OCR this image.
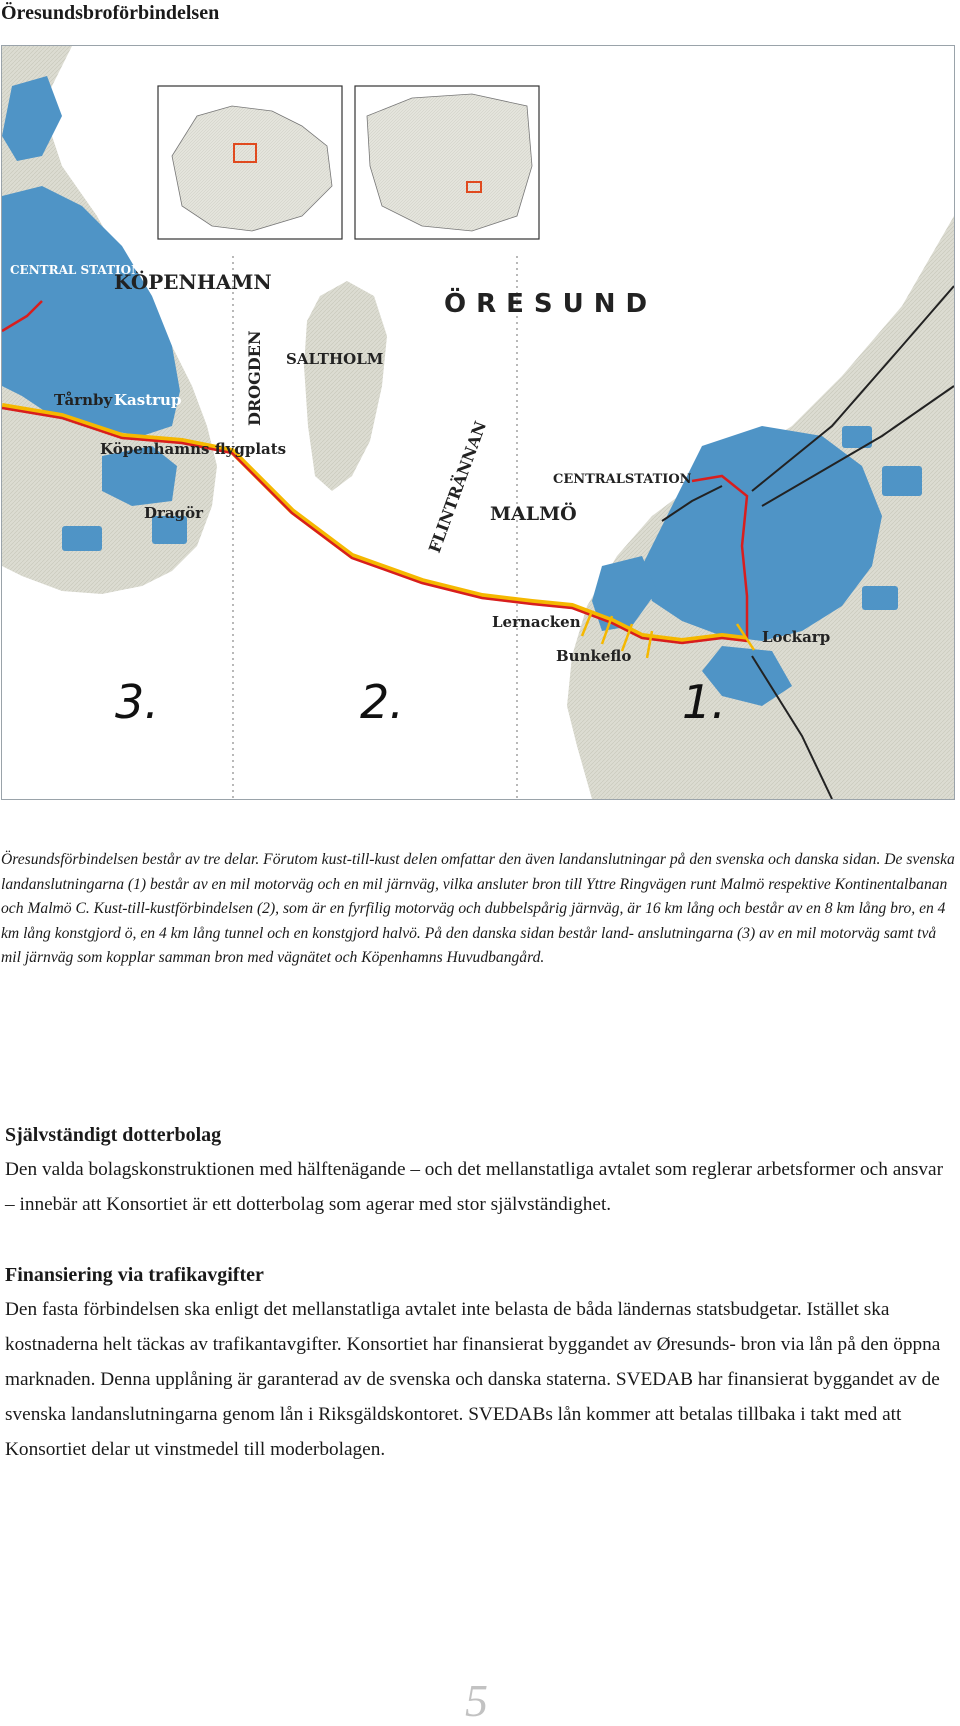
Öresundsbroförbindelsen
KÖPENHAMN
CENTRAL STATION
Tårnby Kastrup
Köpenhamns flygplats
Dragör
DROGDEN SALTHOLM
ÖRESUND
FLINTRÄNNAN	CENTRALSTATION
MALMÖ
Lernacken
Bunkeflo
Lockarp
3.	2.	1.

Öresundsförbindelsen består av tre delar. Förutom kust-till-kust delen omfattar den även landanslutningar på den svenska och danska sidan. De svenska landanslutningarna (1) består av en mil motorväg och en mil järnväg, vilka ansluter bron till Yttre Ringvägen runt Malmö respektive Kontinentalbanan och Malmö C. Kust-till-kustförbindelsen (2), som är en fyrfilig motorväg och dubbelspårig järnväg, är 16 km lång och består av en 8 km lång bro, en 4 km lång konstgjord ö, en 4 km lång tunnel och en konstgjord halvö. På den danska sidan består land- anslutningarna (3) av en mil motorväg samt två mil järnväg som kopplar samman bron med vägnätet och Köpenhamns Huvudbangård.

Självständigt dotterbolag

Den valda bolagskonstruktionen med hälftenägande – och det mellanstatliga avtalet som reglerar arbetsformer och ansvar – innebär att Konsortiet är ett dotterbolag som agerar med stor självständighet.

Finansiering via trafikavgifter

Den fasta förbindelsen ska enligt det mellanstatliga avtalet inte belasta de båda ländernas statsbudgetar. Istället ska kostnaderna helt täckas av trafikantavgifter. Konsortiet har finansierat byggandet av Øresunds- bron via lån på den öppna marknaden. Denna upplåning är garanterad av de svenska och danska staterna. SVEDAB har finansierat byggandet av de svenska landanslutningarna genom lån i Riksgäldskontoret. SVEDABs lån kommer att betalas tillbaka i takt med att Konsortiet delar ut vinstmedel till moderbolagen.

5
